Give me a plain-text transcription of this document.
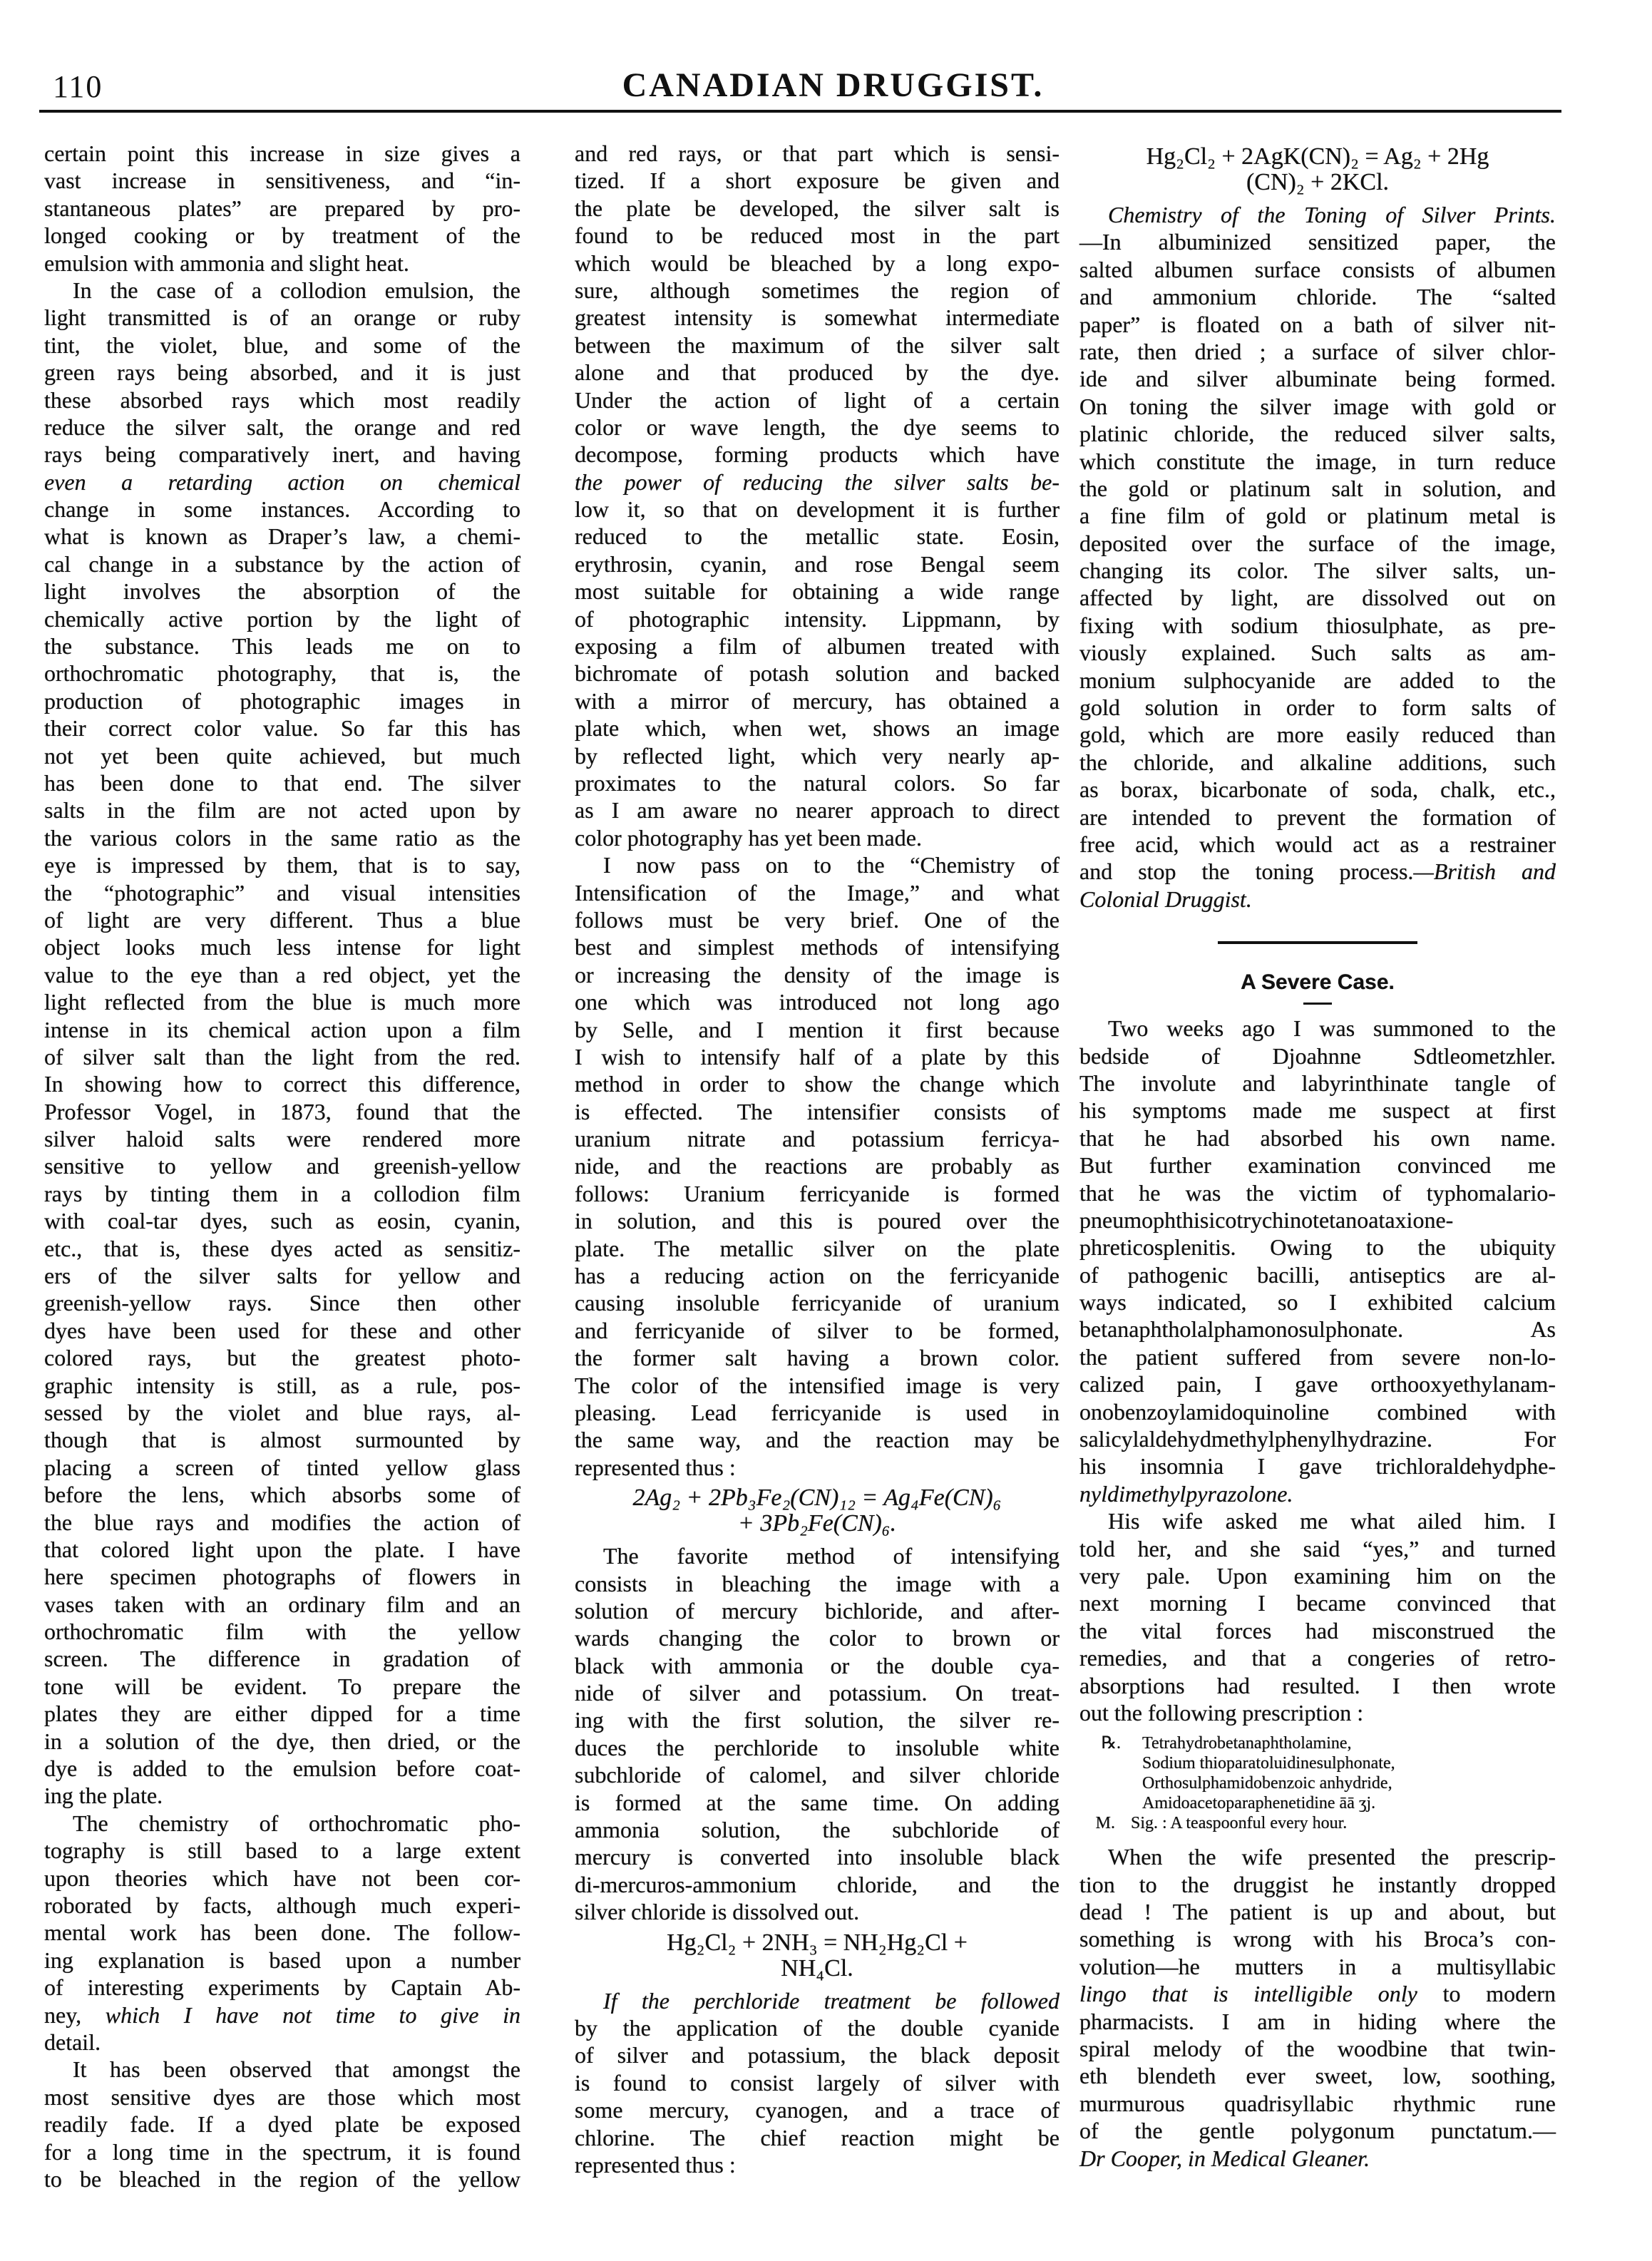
110	CANADIAN DRUGGIST.
certain point this increase in size gives a
vast increase in sensitiveness, and “in-
stantaneous plates” are prepared by pro-
longed cooking or by treatment of the
emulsion with ammonia and slight heat.
In the case of a collodion emulsion, the
light transmitted is of an orange or ruby
tint, the violet, blue, and some of the
green rays being absorbed, and it is just
these absorbed rays which most readily
reduce the silver salt, the orange and red
rays being comparatively inert, and having
even a retarding action on chemical
change in some instances. According to
what is known as Draper’s law, a chemi-
cal change in a substance by the action of
light involves the absorption of the
chemically active portion by the light of
the substance. This leads me on to
orthochromatic photography, that is, the
production of photographic images in
their correct color value. So far this has
not yet been quite achieved, but much
has been done to that end. The silver
salts in the film are not acted upon by
the various colors in the same ratio as the
eye is impressed by them, that is to say,
the “photographic” and visual intensities
of light are very different. Thus a blue
object looks much less intense for light
value to the eye than a red object, yet the
light reflected from the blue is much more
intense in its chemical action upon a film
of silver salt than the light from the red.
In showing how to correct this difference,
Professor Vogel, in 1873, found that the
silver haloid salts were rendered more
sensitive to yellow and greenish-yellow
rays by tinting them in a collodion film
with coal-tar dyes, such as eosin, cyanin,
etc., that is, these dyes acted as sensitiz-
ers of the silver salts for yellow and
greenish-yellow rays. Since then other
dyes have been used for these and other
colored rays, but the greatest photo-
graphic intensity is still, as a rule, pos-
sessed by the violet and blue rays, al-
though that is almost surmounted by
placing a screen of tinted yellow glass
before the lens, which absorbs some of
the blue rays and modifies the action of
that colored light upon the plate. I have
here specimen photographs of flowers in
vases taken with an ordinary film and an
orthochromatic film with the yellow
screen. The difference in gradation of
tone will be evident. To prepare the
plates they are either dipped for a time
in a solution of the dye, then dried, or the
dye is added to the emulsion before coat-
ing the plate.
The chemistry of orthochromatic pho-
tography is still based to a large extent
upon theories which have not been cor-
roborated by facts, although much experi-
mental work has been done. The follow-
ing explanation is based upon a number
of interesting experiments by Captain Ab-
ney, which I have not time to give in
detail.
It has been observed that amongst the
most sensitive dyes are those which most
readily fade. If a dyed plate be exposed
for a long time in the spectrum, it is found
to be bleached in the region of the yellow
and red rays, or that part which is sensi-
tized. If a short exposure be given and
the plate be developed, the silver salt is
found to be reduced most in the part
which would be bleached by a long expo-
sure, although sometimes the region of
greatest intensity is somewhat intermediate
between the maximum of the silver salt
alone and that produced by the dye.
Under the action of light of a certain
color or wave length, the dye seems to
decompose, forming products which have
the power of reducing the silver salts be-
low it, so that on development it is further
reduced to the metallic state. Eosin,
erythrosin, cyanin, and rose Bengal seem
most suitable for obtaining a wide range
of photographic intensity. Lippmann, by
exposing a film of albumen treated with
bichromate of potash solution and backed
with a mirror of mercury, has obtained a
plate which, when wet, shows an image
by reflected light, which very nearly ap-
proximates to the natural colors. So far
as I am aware no nearer approach to direct
color photography has yet been made.
I now pass on to the “Chemistry of
Intensification of the Image,” and what
follows must be very brief. One of the
best and simplest methods of intensifying
or increasing the density of the image is
one which was introduced not long ago
by Selle, and I mention it first because
I wish to intensify half of a plate by this
method in order to show the change which
is effected. The intensifier consists of
uranium nitrate and potassium ferricya-
nide, and the reactions are probably as
follows: Uranium ferricyanide is formed
in solution, and this is poured over the
plate. The metallic silver on the plate
has a reducing action on the ferricyanide
causing insoluble ferricyanide of uranium
and ferricyanide of silver to be formed,
the former salt having a brown color.
The color of the intensified image is very
pleasing. Lead ferricyanide is used in
the same way, and the reaction may be
represented thus :
2Ag₂ + 2Pb₃Fe₂(CN)₁₂ = Ag₄Fe(CN)₆
+ 3Pb₂Fe(CN)₆.
The favorite method of intensifying
consists in bleaching the image with a
solution of mercury bichloride, and after-
wards changing the color to brown or
black with ammonia or the double cya-
nide of silver and potassium. On treat-
ing with the first solution, the silver re-
duces the perchloride to insoluble white
subchloride of calomel, and silver chloride
is formed at the same time. On adding
ammonia solution, the subchloride of
mercury is converted into insoluble black
di-mercuros-ammonium chloride, and the
silver chloride is dissolved out.
Hg₂Cl₂ + 2NH₃ = NH₂Hg₂Cl +
NH₄Cl.
If the perchloride treatment be followed
by the application of the double cyanide
of silver and potassium, the black deposit
is found to consist largely of silver with
some mercury, cyanogen, and a trace of
chlorine. The chief reaction might be
represented thus :
Hg₂Cl₂ + 2AgK(CN)₂ = Ag₂ + 2Hg
(CN)₂ + 2KCl.
Chemistry of the Toning of Silver Prints.
—In albuminized sensitized paper, the
salted albumen surface consists of albumen
and ammonium chloride. The “salted
paper” is floated on a bath of silver nit-
rate, then dried ; a surface of silver chlor-
ide and silver albuminate being formed.
On toning the silver image with gold or
platinic chloride, the reduced silver salts,
which constitute the image, in turn reduce
the gold or platinum salt in solution, and
a fine film of gold or platinum metal is
deposited over the surface of the image,
changing its color. The silver salts, un-
affected by light, are dissolved out on
fixing with sodium thiosulphate, as pre-
viously explained. Such salts as am-
monium sulphocyanide are added to the
gold solution in order to form salts of
gold, which are more easily reduced than
the chloride, and alkaline additions, such
as borax, bicarbonate of soda, chalk, etc.,
are intended to prevent the formation of
free acid, which would act as a restrainer
and stop the toning process.—British and
Colonial Druggist.
A Severe Case.
Two weeks ago I was summoned to the
bedside of Djoahnne Sdtleometzhler.
The involute and labyrinthinate tangle of
his symptoms made me suspect at first
that he had absorbed his own name.
But further examination convinced me
that he was the victim of typhomalario-
pneumophthisicotrychinotetanoataxione-
phreticosplenitis. Owing to the ubiquity
of pathogenic bacilli, antiseptics are al-
ways indicated, so I exhibited calcium
betanaphtholalphamonosulphonate. As
the patient suffered from severe non-lo-
calized pain, I gave orthooxyethylanam-
onobenzoylamidoquinoline combined with
salicylaldehydmethylphenylhydrazine. For
his insomnia I gave trichloraldehydphe-
nyldimethylpyrazolone.
His wife asked me what ailed him. I
told her, and she said “yes,” and turned
very pale. Upon examining him on the
next morning I became convinced that
the vital forces had misconstrued the
remedies, and that a congeries of retro-
absorptions had resulted. I then wrote
out the following prescription :
℞.	Tetrahydrobetanaphtholamine,
Sodium thioparatoluidinesulphonate,
Orthosulphamidobenzoic anhydride,
Amidoacetoparaphenetidine āā ʒj.
M. Sig. : A teaspoonful every hour.
When the wife presented the prescrip-
tion to the druggist he instantly dropped
dead ! The patient is up and about, but
something is wrong with his Broca’s con-
volution—he mutters in a multisyllabic
lingo that is intelligible only to modern
pharmacists. I am in hiding where the
spiral melody of the woodbine that twin-
eth blendeth ever sweet, low, soothing,
murmurous quadrisyllabic rhythmic rune
of the gentle polygonum punctatum.—
Dr Cooper, in Medical Gleaner.
